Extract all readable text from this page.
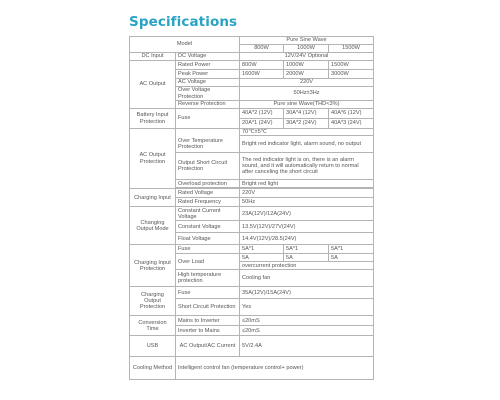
Specifications
Model		Pure Sine Wave		
		800W	1000W	1500W
DC Input	DC Voltage	12V/24V Optional		
AC Output	Rated Power	800W	1000W	1500W
	Peak Power	1600W	2000W	3000W
	AC Voltage	220V		
	Over Voltage Protection	50Hz±3Hz		
	Reverse Protection	Pure sine Wave(THD<3%)		
Battery Input Protection	Fuse	40A*2 (12V)	30A*4 (12V)	40A*6 (12V)
		20A*1 (24V)	30A*2 (24V)	40A*3 (24V)
AC Output Protection		70℃±5℃		
	Over Temperature Protection	Bright red indicator light, alarm sound, no output		
	Output Short Circuit Protection	The red indicator light is on, there is an alarm sound, and it will automatically return to normal after canceling the short circuit		
	Overload protection	Bright red light		

Charging Input	Rated Voltage	220V		
	Rated Frequency	50Hz		
Changing Output Mode	Constant Current Voltage	23A(12V)/12A(24V)		
	Constant Voltage	13.5V(12V)/27V(24V)		
	Float Voltage	14.4V(12V)/28.5(24V)		
Charging Input Protection	Fuse	5A*1	5A*1	5A*1
	Over Load	5A	5A	5A
		overcurrent protection		
	High temperature protection	Cooling fan		
Charging Output Protection	Fuse	35A(12V)/15A(24V)		
	Short Circuit Protection	Yes		
Conversion Time	Mains to Inverter	≤20mS		
	Inverter to Mains	≤20mS		
USB	AC Output/AC Current	5V/2.4A		
Cooling Method	Intelligent control fan (temperature control+ power)			
